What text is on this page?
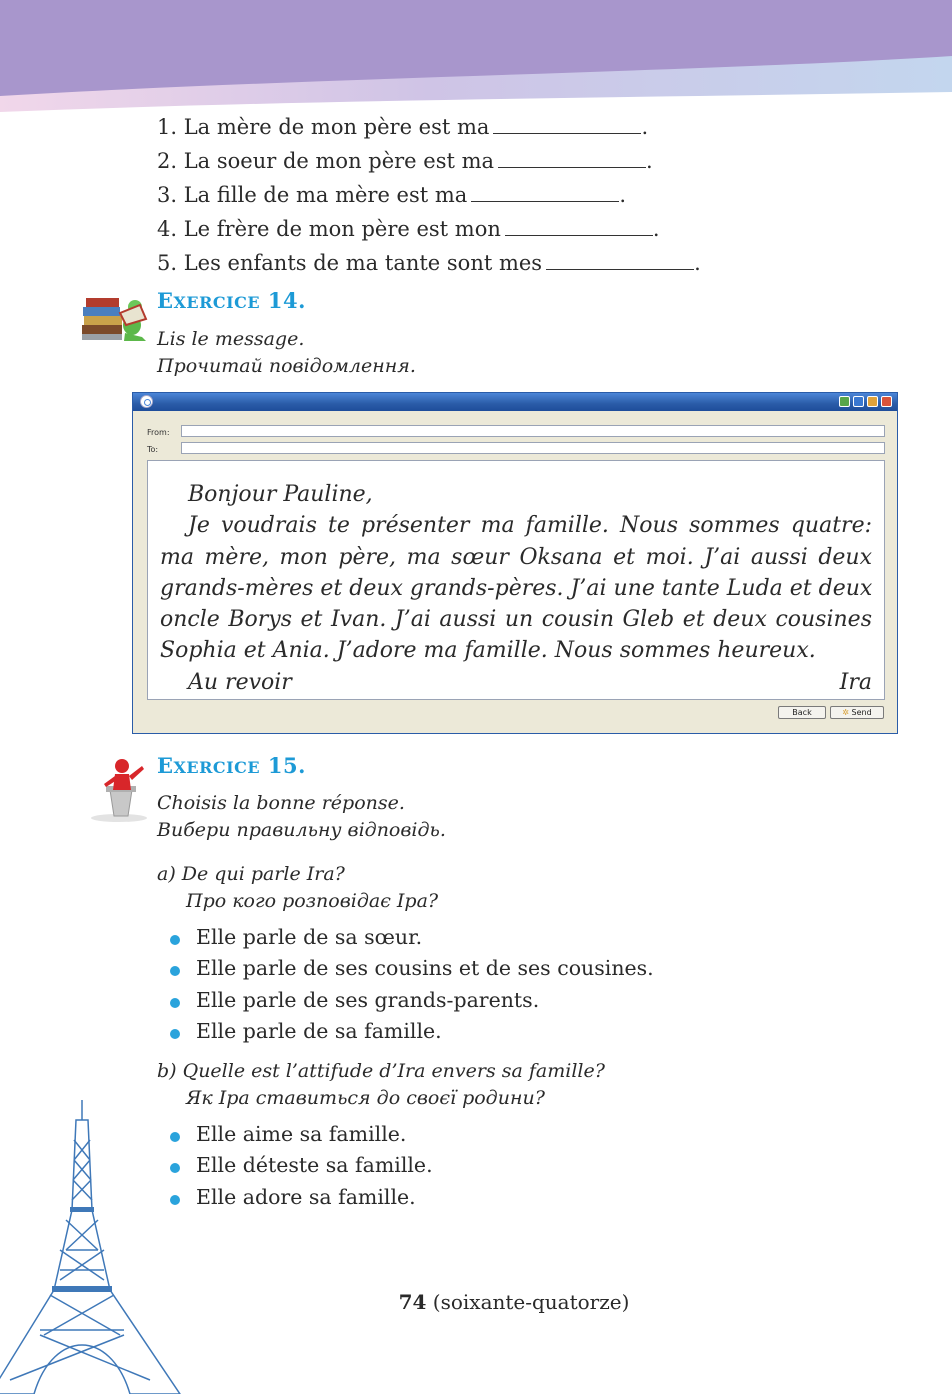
1. La mère de mon père est ma	.
2. La soeur de mon père est ma	.
3. La fille de ma mère est ma	.
4. Le frère de mon père est mon	.
5. Les enfants de ma tante sont mes	.
EXERCICE 14.
Lis le message.
Прочитай повідомлення.
From:
To:
Bonjour Pauline,
Je voudrais te présenter ma famille. Nous sommes quatre:
ma mère, mon père, ma sœur Oksana et moi. J’ai aussi deux
grands-mères et deux grands-pères. J’ai une tante Luda et deux
oncle Borys et Ivan. J’ai aussi un cousin Gleb et deux cousines
Sophia et Ania. J’adore ma famille. Nous sommes heureux.
Au revoir	Ira
Back	✲ Send
EXERCICE 15.
Choisis la bonne réponse.
Вибери правильну відповідь.
a) De qui parle Ira?
Про кого розповідає Іра?
Elle parle de sa sœur.
Elle parle de ses cousins et de ses cousines.
Elle parle de ses grands-parents.
Elle parle de sa famille.
b) Quelle est l’attifude d’Ira envers sa famille?
Як Іра ставиться до своєї родини?
Elle aime sa famille.
Elle déteste sa famille.
Elle adore sa famille.
74 (soixante-quatorze)
